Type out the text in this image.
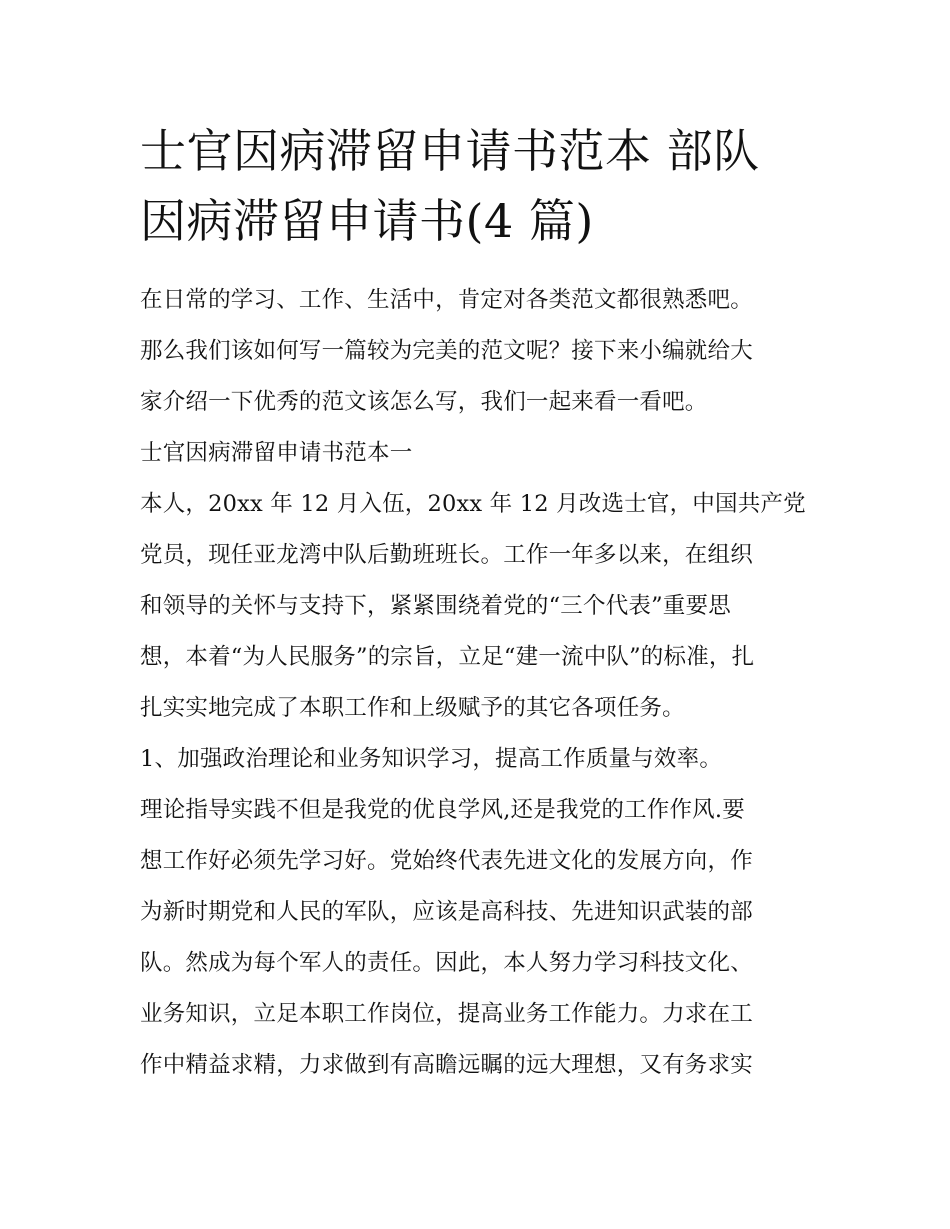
士官因病滞留申请书范本 部队
因病滞留申请书(4 篇)
在日常的学习、工作、生活中，肯定对各类范文都很熟悉吧。
那么我们该如何写一篇较为完美的范文呢？接下来小编就给大
家介绍一下优秀的范文该怎么写，我们一起来看一看吧。
士官因病滞留申请书范本一
本人，20xx 年 12 月入伍，20xx 年 12 月改选士官，中国共产党
党员，现任亚龙湾中队后勤班班长。工作一年多以来，在组织
和领导的关怀与支持下，紧紧围绕着党的“三个代表”重要思
想，本着“为人民服务”的宗旨，立足“建一流中队”的标准，扎
扎实实地完成了本职工作和上级赋予的其它各项任务。
1、加强政治理论和业务知识学习，提高工作质量与效率。
理论指导实践不但是我党的优良学风,还是我党的工作作风.要
想工作好必须先学习好。党始终代表先进文化的发展方向，作
为新时期党和人民的军队，应该是高科技、先进知识武装的部
队。然成为每个军人的责任。因此，本人努力学习科技文化、
业务知识，立足本职工作岗位，提高业务工作能力。力求在工
作中精益求精，力求做到有高瞻远瞩的远大理想，又有务求实
